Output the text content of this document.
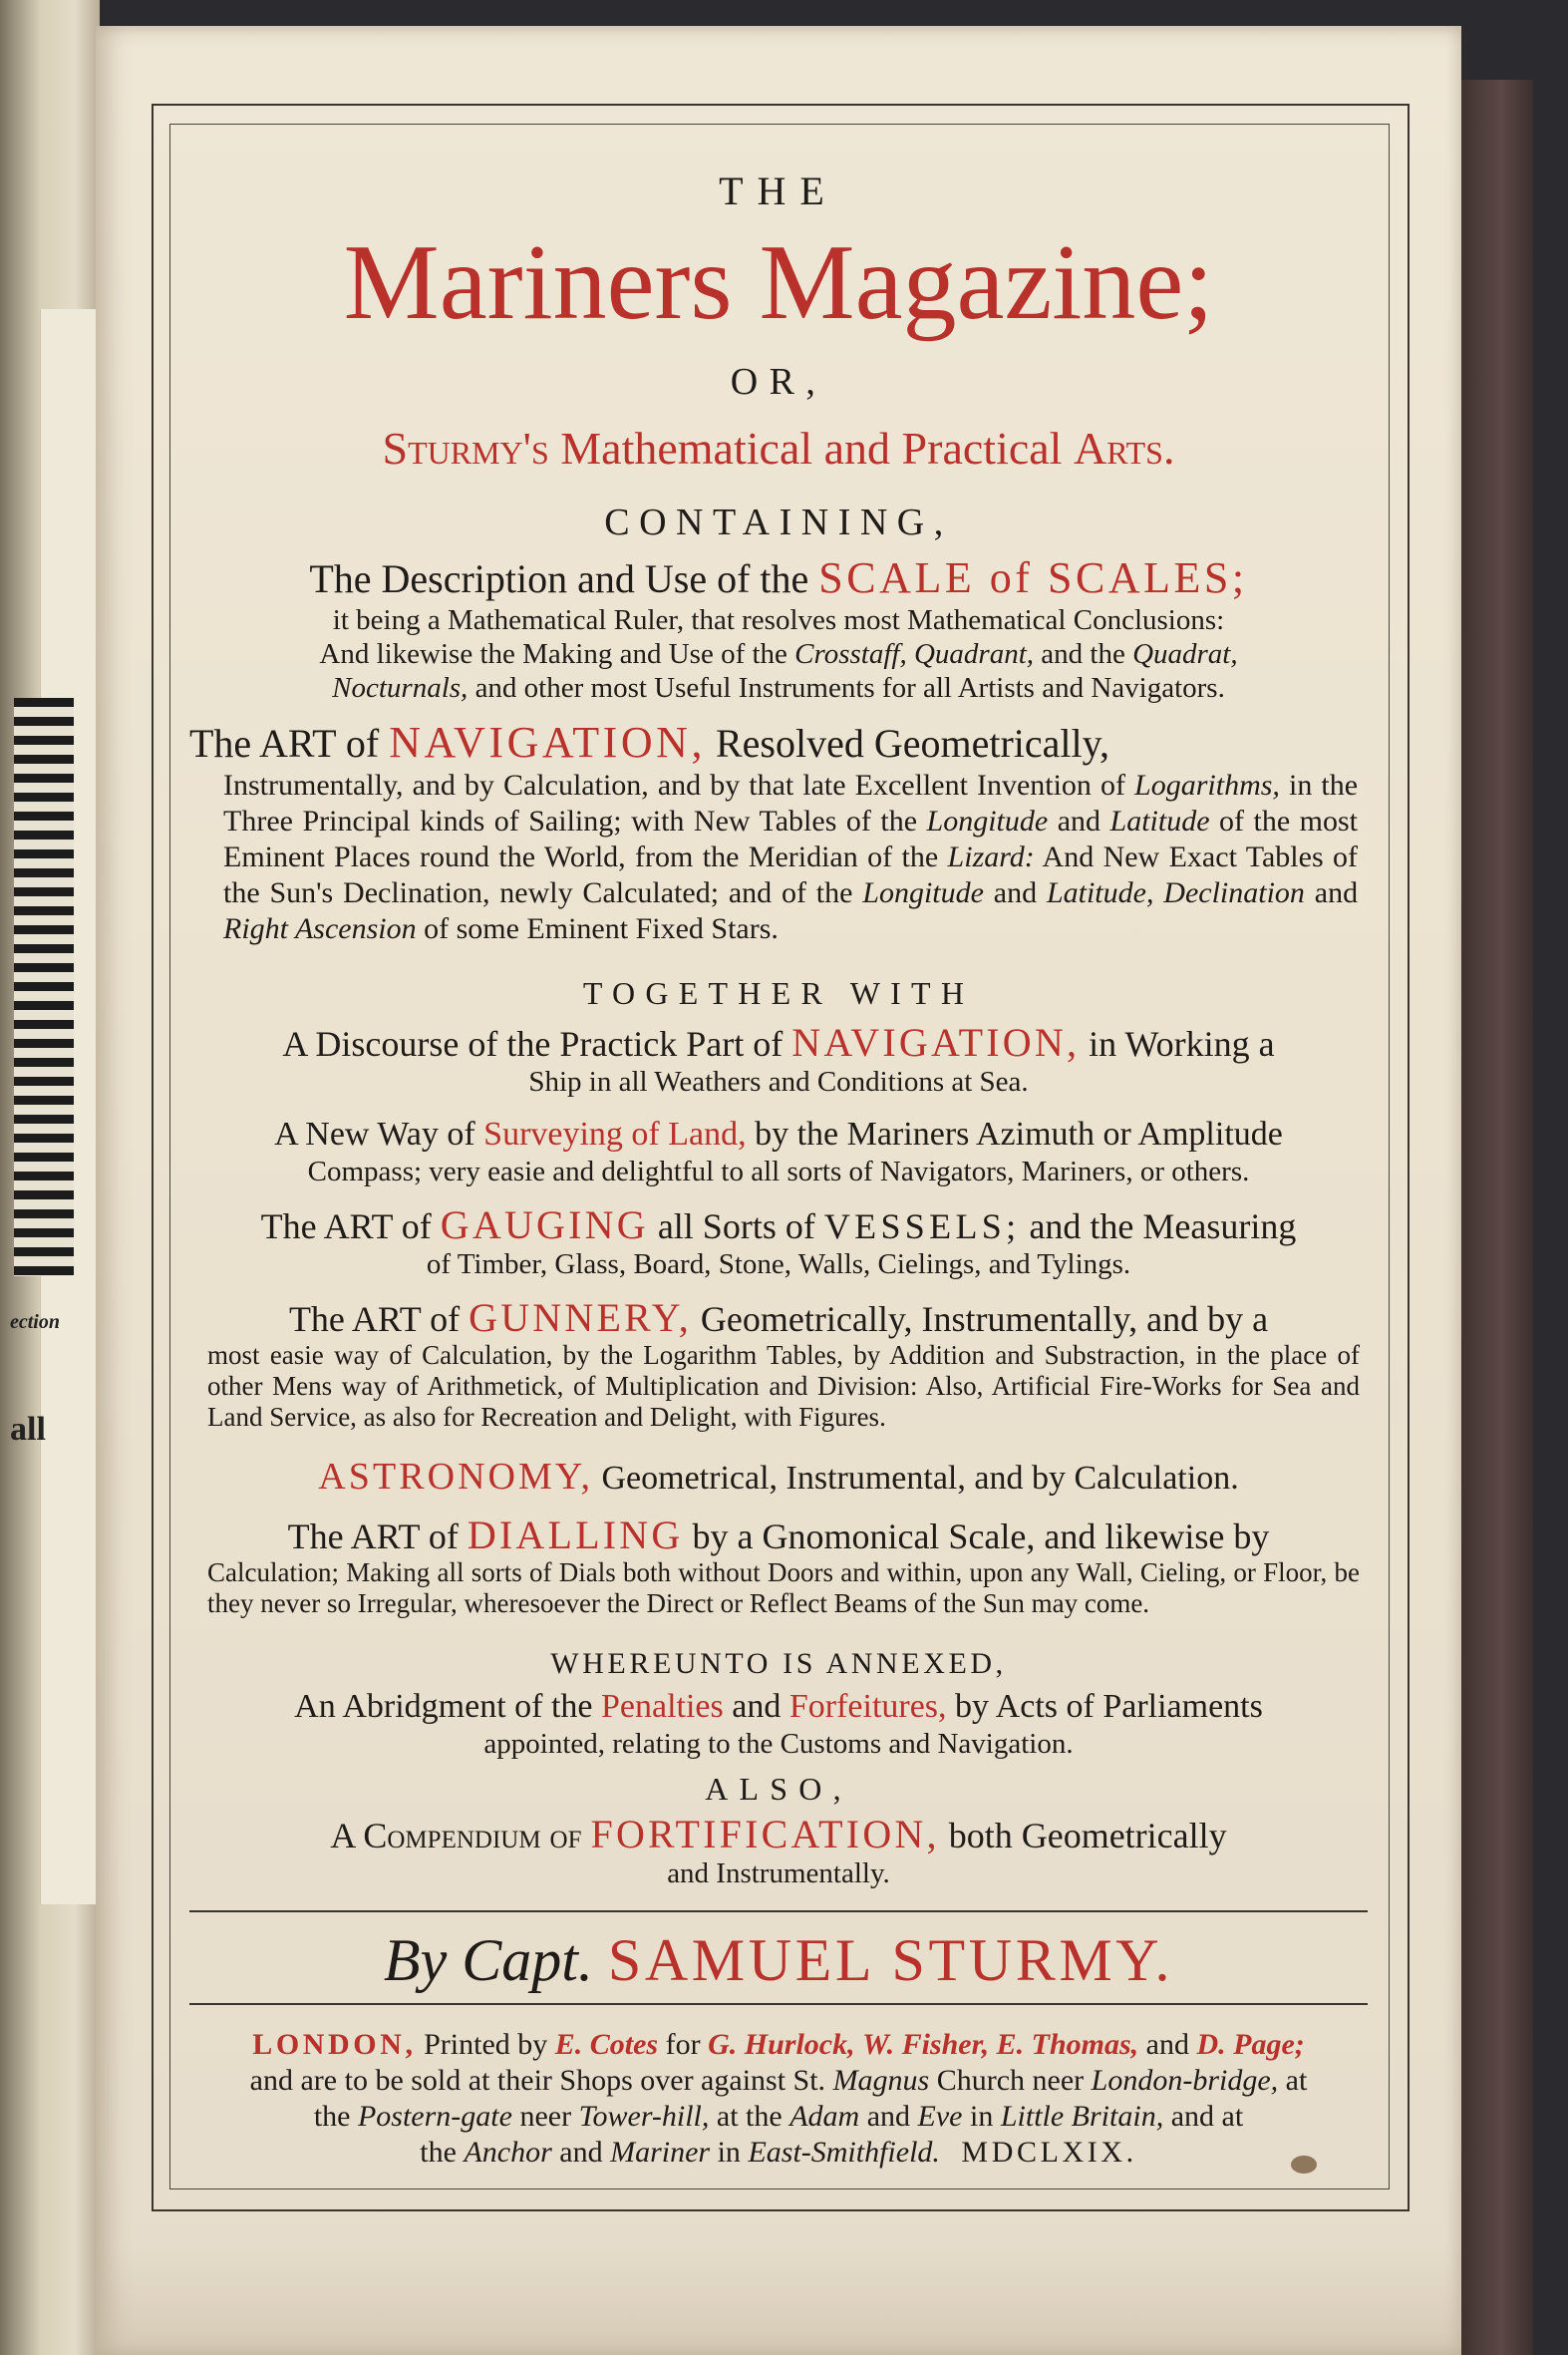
ection
all

THE

Mariners Magazine;

OR,

Sturmy's Mathematical and Practical Arts.

CONTAINING,

The Description and Use of the SCALE of SCALES;

it being a Mathematical Ruler, that resolves most Mathematical Conclusions:
And likewise the Making and Use of the Crosstaff, Quadrant, and the Quadrat,
Nocturnals, and other most Useful Instruments for all Artists and Navigators.

The ART of NAVIGATION, Resolved Geometrically,

Instrumentally, and by Calculation, and by that late Excellent Invention of Logarithms, in the Three Principal kinds of Sailing; with New Tables of the Longitude and Latitude of the most Eminent Places round the World, from the Meridian of the Lizard: And New Exact Tables of the Sun's Declination, newly Calculated; and of the Longitude and Latitude, Declination and Right Ascension of some Eminent Fixed Stars.

TOGETHER WITH

A Discourse of the Practick Part of NAVIGATION, in Working a

Ship in all Weathers and Conditions at Sea.

A New Way of Surveying of Land, by the Mariners Azimuth or Amplitude

Compass; very easie and delightful to all sorts of Navigators, Mariners, or others.

The ART of GAUGING all Sorts of VESSELS; and the Measuring

of Timber, Glass, Board, Stone, Walls, Cielings, and Tylings.

The ART of GUNNERY, Geometrically, Instrumentally, and by a

most easie way of Calculation, by the Logarithm Tables, by Addition and Substraction, in the place of other Mens way of Arithmetick, of Multiplication and Division: Also, Artificial Fire-Works for Sea and Land Service, as also for Recreation and Delight, with Figures.

ASTRONOMY, Geometrical, Instrumental, and by Calculation.

The ART of DIALLING by a Gnomonical Scale, and likewise by

Calculation; Making all sorts of Dials both without Doors and within, upon any Wall, Cieling, or Floor, be they never so Irregular, wheresoever the Direct or Reflect Beams of the Sun may come.

WHEREUNTO IS ANNEXED,

An Abridgment of the Penalties and Forfeitures, by Acts of Parliaments

appointed, relating to the Customs and Navigation.

ALSO,

A Compendium of FORTIFICATION, both Geometrically

and Instrumentally.

By Capt. SAMUEL STURMY.

LONDON, Printed by E. Cotes for G. Hurlock, W. Fisher, E. Thomas, and D. Page;
and are to be sold at their Shops over against St. Magnus Church neer London-bridge, at
the Postern-gate neer Tower-hill, at the Adam and Eve in Little Britain, and at
the Anchor and Mariner in East-Smithfield. MDCLXIX.
